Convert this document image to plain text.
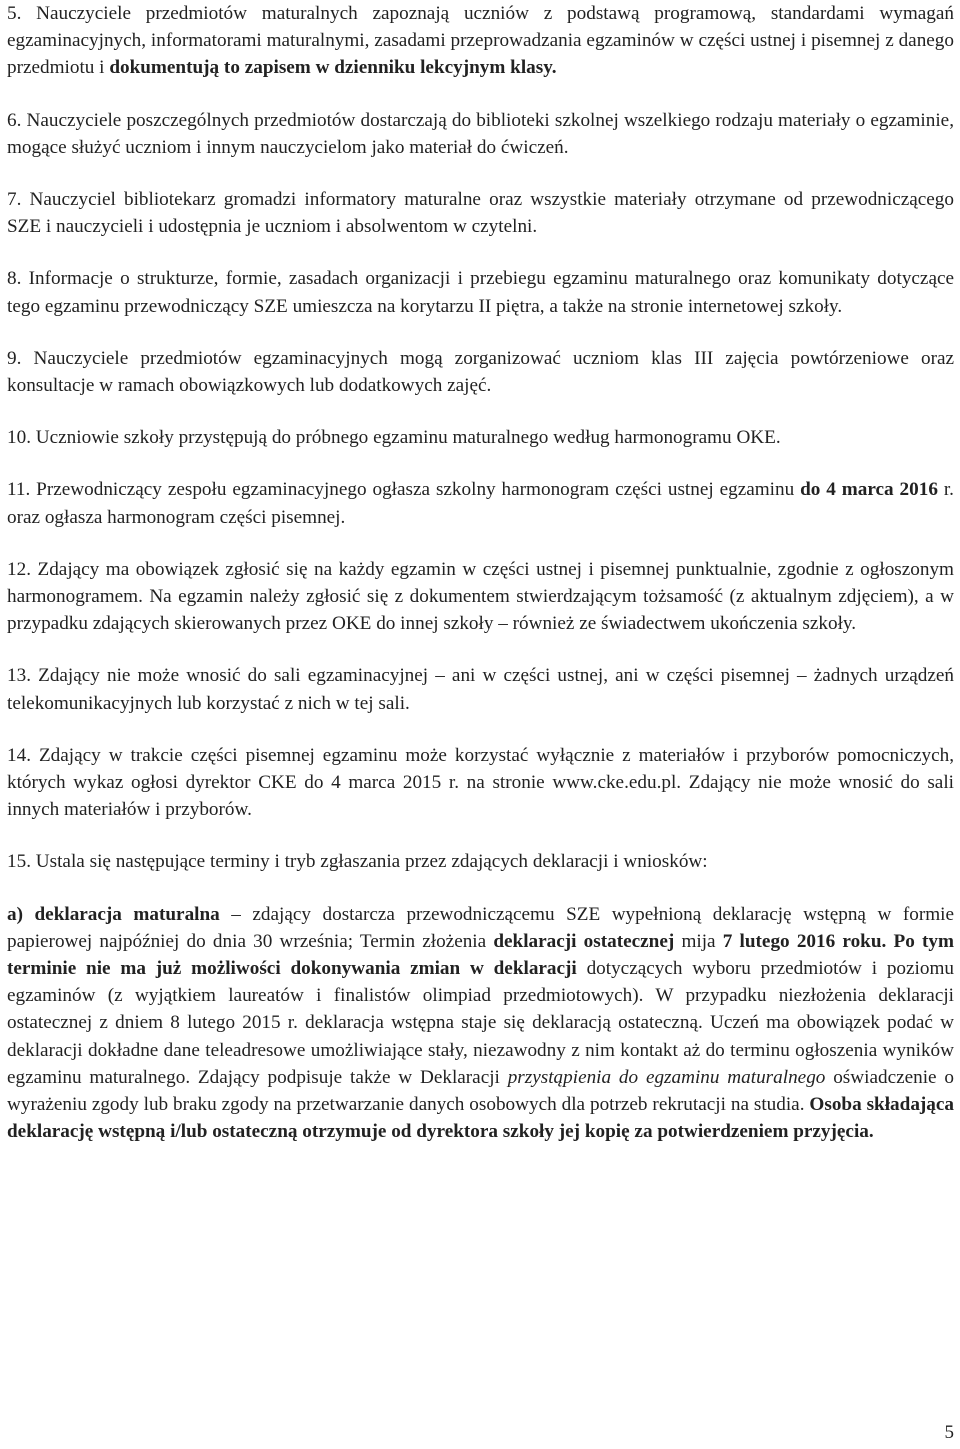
5. Nauczyciele przedmiotów maturalnych zapoznają uczniów z podstawą programową, standardami wymagań egzaminacyjnych, informatorami maturalnymi, zasadami przeprowadzania egzaminów w części ustnej i pisemnej z danego przedmiotu i dokumentują to zapisem w dzienniku lekcyjnym klasy.

6. Nauczyciele poszczególnych przedmiotów dostarczają do biblioteki szkolnej wszelkiego rodzaju materiały o egzaminie, mogące służyć uczniom i innym nauczycielom jako materiał do ćwiczeń.

7. Nauczyciel bibliotekarz gromadzi informatory maturalne oraz wszystkie materiały otrzymane od przewodniczącego SZE i nauczycieli i udostępnia je uczniom i absolwentom w czytelni.

8. Informacje o strukturze, formie, zasadach organizacji i przebiegu egzaminu maturalnego oraz komunikaty dotyczące tego egzaminu przewodniczący SZE umieszcza na korytarzu II piętra, a także na stronie internetowej szkoły.

9. Nauczyciele przedmiotów egzaminacyjnych mogą zorganizować uczniom klas III zajęcia powtórzeniowe oraz konsultacje w ramach obowiązkowych lub dodatkowych zajęć.

10. Uczniowie szkoły przystępują do próbnego egzaminu maturalnego według harmonogramu OKE.

11. Przewodniczący zespołu egzaminacyjnego ogłasza szkolny harmonogram części ustnej egzaminu do 4 marca 2016 r. oraz ogłasza harmonogram części pisemnej.

12. Zdający ma obowiązek zgłosić się na każdy egzamin w części ustnej i pisemnej punktualnie, zgodnie z ogłoszonym harmonogramem. Na egzamin należy zgłosić się z dokumentem stwierdzającym tożsamość (z aktualnym zdjęciem), a w przypadku zdających skierowanych przez OKE do innej szkoły – również ze świadectwem ukończenia szkoły.

13. Zdający nie może wnosić do sali egzaminacyjnej – ani w części ustnej, ani w części pisemnej – żadnych urządzeń telekomunikacyjnych lub korzystać z nich w tej sali.

14. Zdający w trakcie części pisemnej egzaminu może korzystać wyłącznie z materiałów i przyborów pomocniczych, których wykaz ogłosi dyrektor CKE do 4 marca 2015 r. na stronie www.cke.edu.pl. Zdający nie może wnosić do sali innych materiałów i przyborów.

15. Ustala się następujące terminy i tryb zgłaszania przez zdających deklaracji i wniosków:

a) deklaracja maturalna – zdający dostarcza przewodniczącemu SZE wypełnioną deklarację wstępną w formie papierowej najpóźniej do dnia 30 września; Termin złożenia deklaracji ostatecznej mija 7 lutego 2016 roku. Po tym terminie nie ma już możliwości dokonywania zmian w deklaracji dotyczących wyboru przedmiotów i poziomu egzaminów (z wyjątkiem laureatów i finalistów olimpiad przedmiotowych). W przypadku niezłożenia deklaracji ostatecznej z dniem 8 lutego 2015 r. deklaracja wstępna staje się deklaracją ostateczną. Uczeń ma obowiązek podać w deklaracji dokładne dane teleadresowe umożliwiające stały, niezawodny z nim kontakt aż do terminu ogłoszenia wyników egzaminu maturalnego. Zdający podpisuje także w Deklaracji przystąpienia do egzaminu maturalnego oświadczenie o wyrażeniu zgody lub braku zgody na przetwarzanie danych osobowych dla potrzeb rekrutacji na studia. Osoba składająca deklarację wstępną i/lub ostateczną otrzymuje od dyrektora szkoły jej kopię za potwierdzeniem przyjęcia.

5
